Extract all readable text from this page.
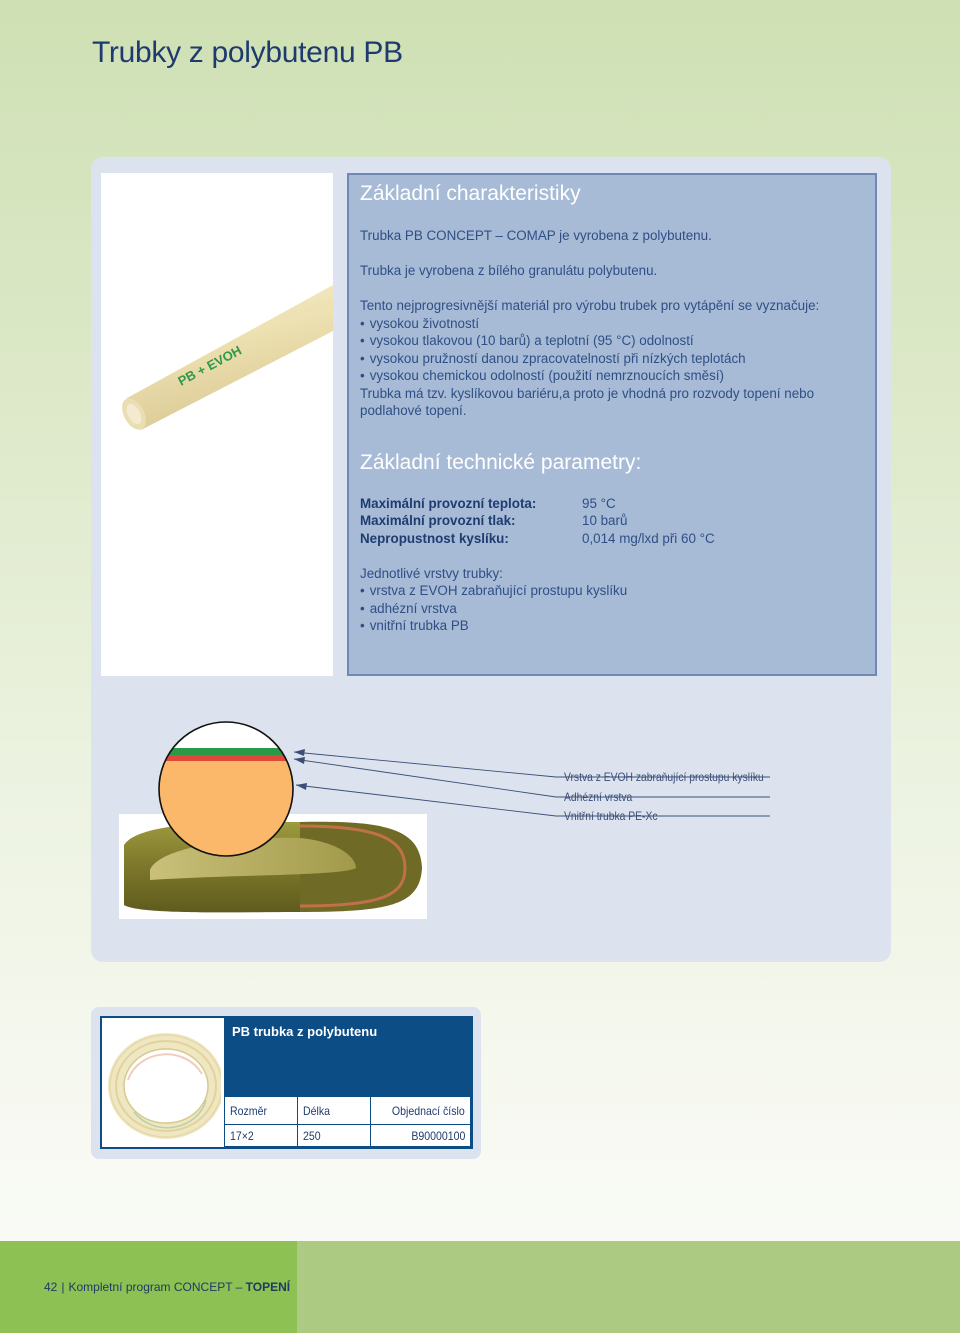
Trubky z polybutenu PB
PB + EVOH
Základní charakteristiky

Trubka PB CONCEPT – COMAP je vyrobena z polybutenu.

Trubka je vyrobena z bílého granulátu polybutenu.

Tento nejprogresivnější materiál pro výrobu trubek pro vytápění se vyznačuje:

• vysokou životností
• vysokou tlakovou (10 barů) a teplotní (95 °C) odolností
• vysokou pružností danou zpracovatelností při nízkých teplotách
• vysokou chemickou odolností (použití nemrznoucích směsí)

Trubka má tzv. kyslíkovou bariéru,a proto je vhodná pro rozvody topení nebo podlahové topení.

Základní technické parametry:
Maximální provozní teplota:	95 °C
Maximální provozní tlak:	10 barů
Nepropustnost kyslíku:	0,014 mg/lxd při 60 °C

Jednotlivé vrstvy trubky:

• vrstva z EVOH zabraňující prostupu kyslíku
• adhézní vrstva
• vnitřní trubka PB
Vrstva z EVOH zabraňující prostupu kyslíku
Adhézní vrstva
Vnitřní trubka PE-Xc
PB trubka z polybutenu
Rozměr	Délka	Objednací číslo
17×2	250	B90000100
42 | Kompletní program CONCEPT – TOPENÍ
